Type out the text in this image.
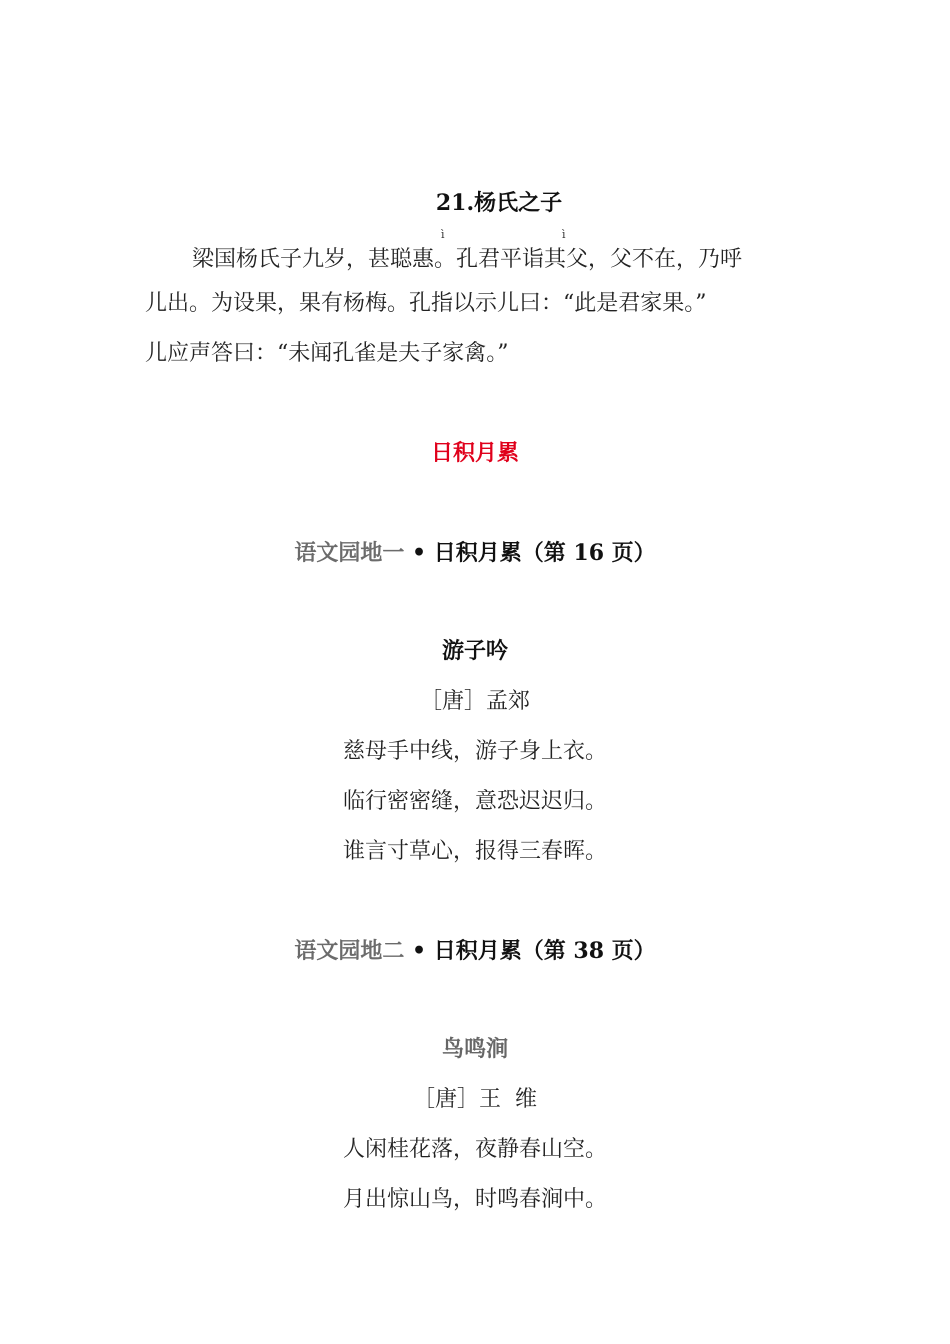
21.杨氏之子
ì	ì
梁国杨氏子九岁，甚聪惠。孔君平诣其父，父不在，乃呼
儿出。为设果，果有杨梅。孔指以示儿曰：“此是君家果。”
儿应声答曰：“未闻孔雀是夫子家禽。”
日积月累
语文园地一 • 日积月累（第 16 页）
游子吟
［唐］孟郊
慈母手中线，游子身上衣。
临行密密缝，意恐迟迟归。
谁言寸草心，报得三春晖。
语文园地二 • 日积月累（第 38 页）
鸟鸣涧
［唐］王  维
人闲桂花落，夜静春山空。
月出惊山鸟，时鸣春涧中。
